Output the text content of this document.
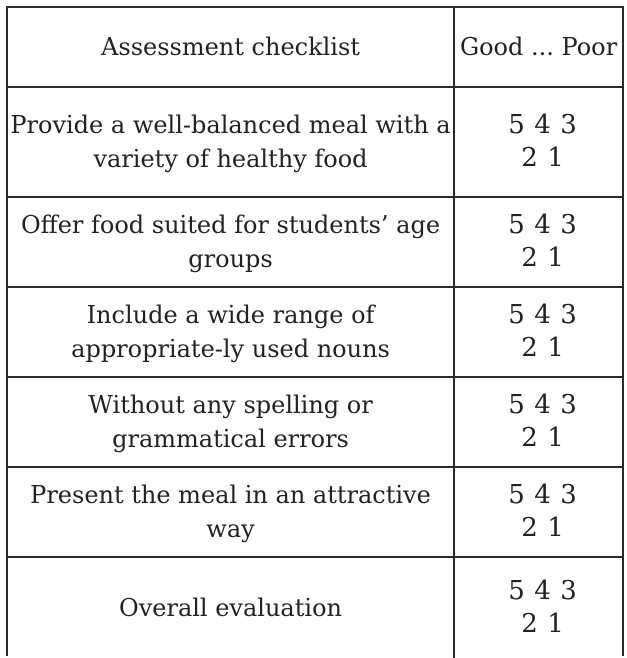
Assessment checklist	Good ... Poor
Provide a well-balanced meal with a variety of healthy food
5 4 3
2 1
Offer food suited for students’ age groups
5 4 3
2 1
Include a wide range of appropriate-ly used nouns
5 4 3
2 1
Without any spelling or grammatical errors
5 4 3
2 1
Present the meal in an attractive way
5 4 3
2 1
Overall evaluation
5 4 3
2 1
